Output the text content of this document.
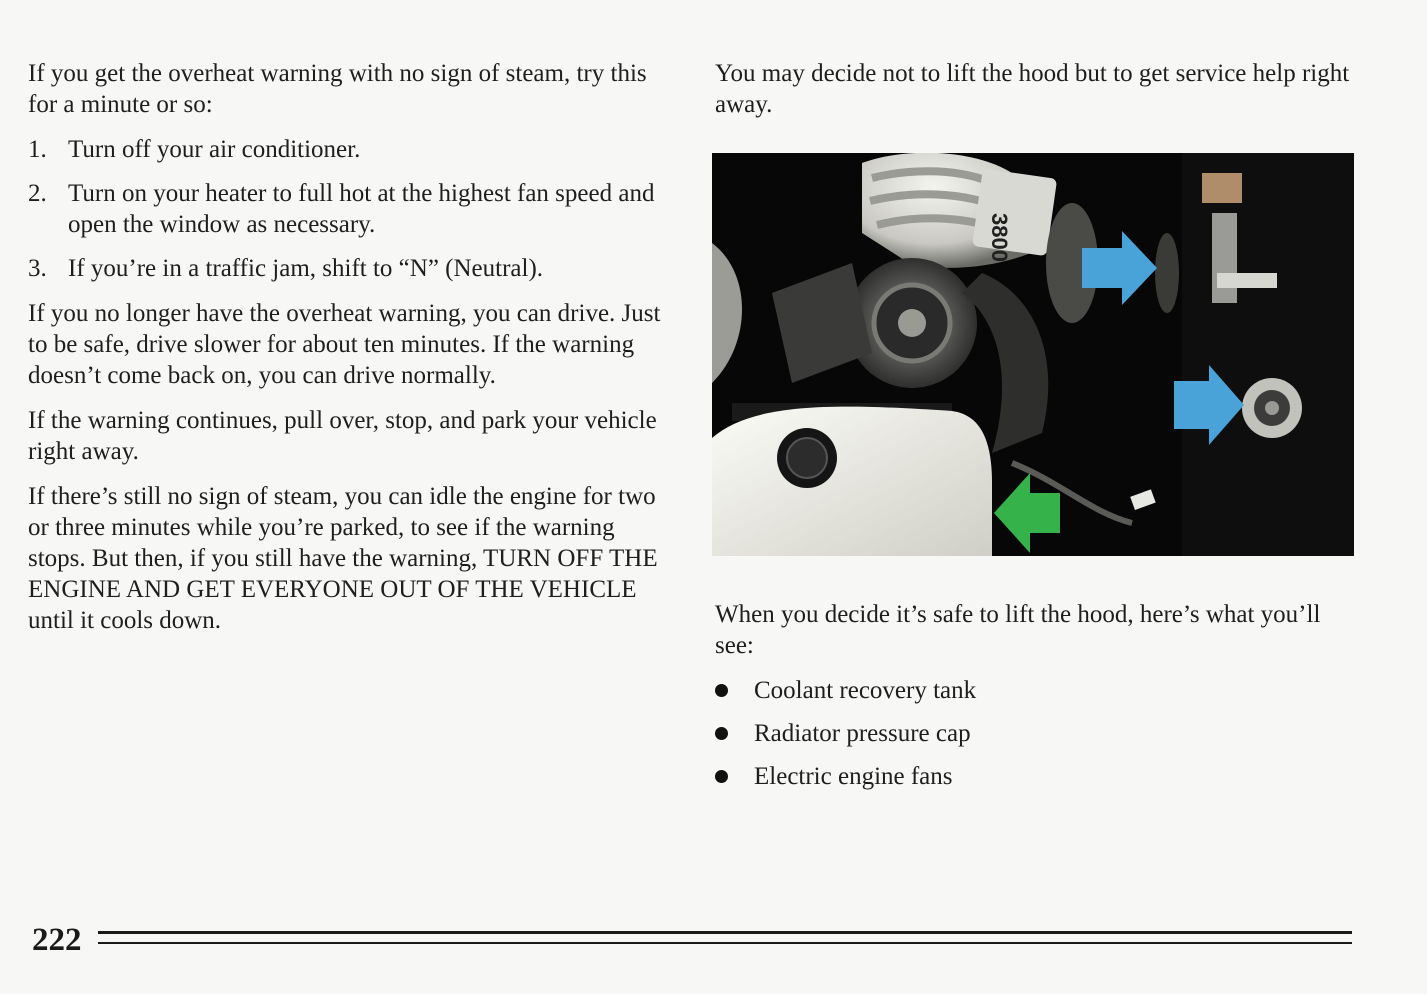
If you get the overheat warning with no sign of steam, try this for a minute or so:

1. Turn off your air conditioner.
2. Turn on your heater to full hot at the highest fan speed and open the window as necessary.
3. If you’re in a traffic jam, shift to “N” (Neutral).

If you no longer have the overheat warning, you can drive. Just to be safe, drive slower for about ten minutes. If the warning doesn’t come back on, you can drive normally.

If the warning continues, pull over, stop, and park your vehicle right away.

If there’s still no sign of steam, you can idle the engine for two or three minutes while you’re parked, to see if the warning stops. But then, if you still have the warning, TURN OFF THE ENGINE AND GET EVERYONE OUT OF THE VEHICLE until it cools down.

You may decide not to lift the hood but to get service help right away.

When you decide it’s safe to lift the hood, here’s what you’ll see:

Coolant recovery tank
Radiator pressure cap
Electric engine fans
3800
222
